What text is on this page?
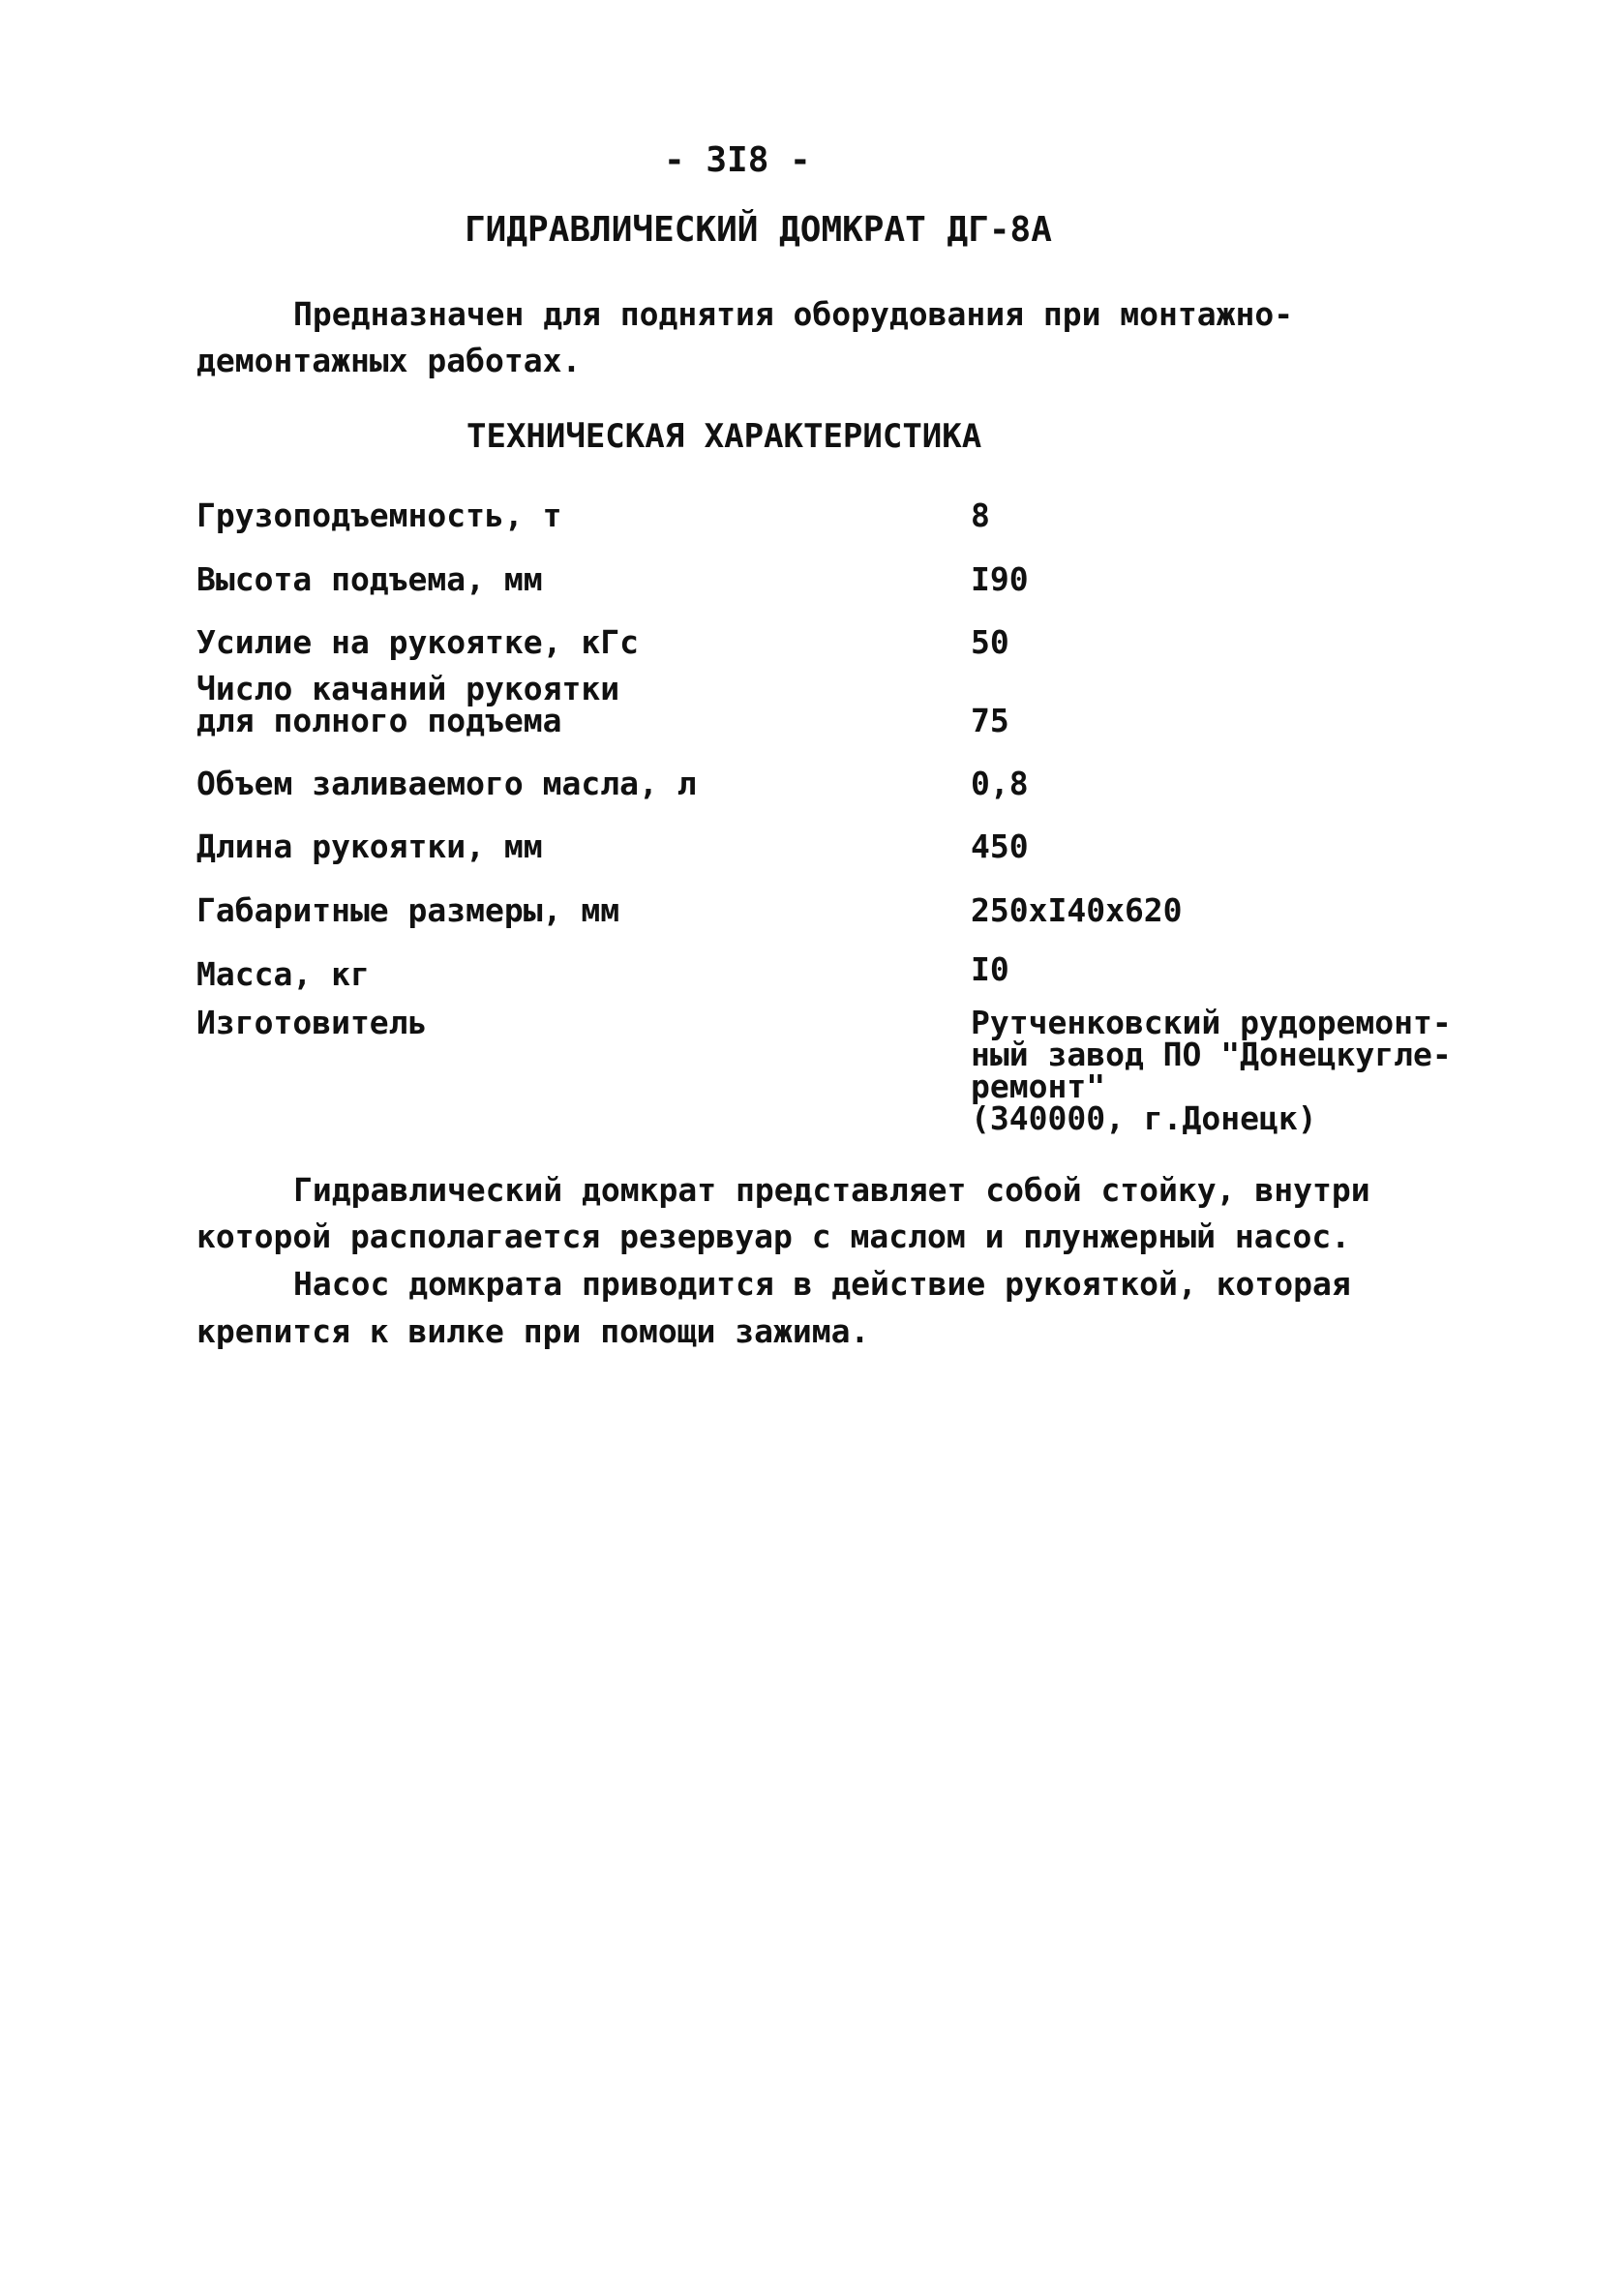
- 3I8 -
ГИДРАВЛИЧЕСКИЙ ДОМКРАТ ДГ-8А
Предназначен для поднятия оборудования при монтажно-
демонтажных работах.
ТЕХНИЧЕСКАЯ ХАРАКТЕРИСТИКА
Грузоподъемность, т	8
Высота подъема, мм	I90
Усилие на рукоятке, кГс	50
Число качаний рукоятки
для полного подъема	75
Объем заливаемого масла, л	0,8
Длина рукоятки, мм	450
Габаритные размеры, мм	250хI40х620
Масса, кг	I0
Изготовитель	Рутченковский рудоремонт-
ный завод ПО "Донецкугле-
ремонт"
(340000, г.Донецк)
Гидравлический домкрат представляет собой стойку, внутри
которой располагается резервуар с маслом и плунжерный насос.
Насос домкрата приводится в действие рукояткой, которая
крепится к вилке при помощи зажима.
